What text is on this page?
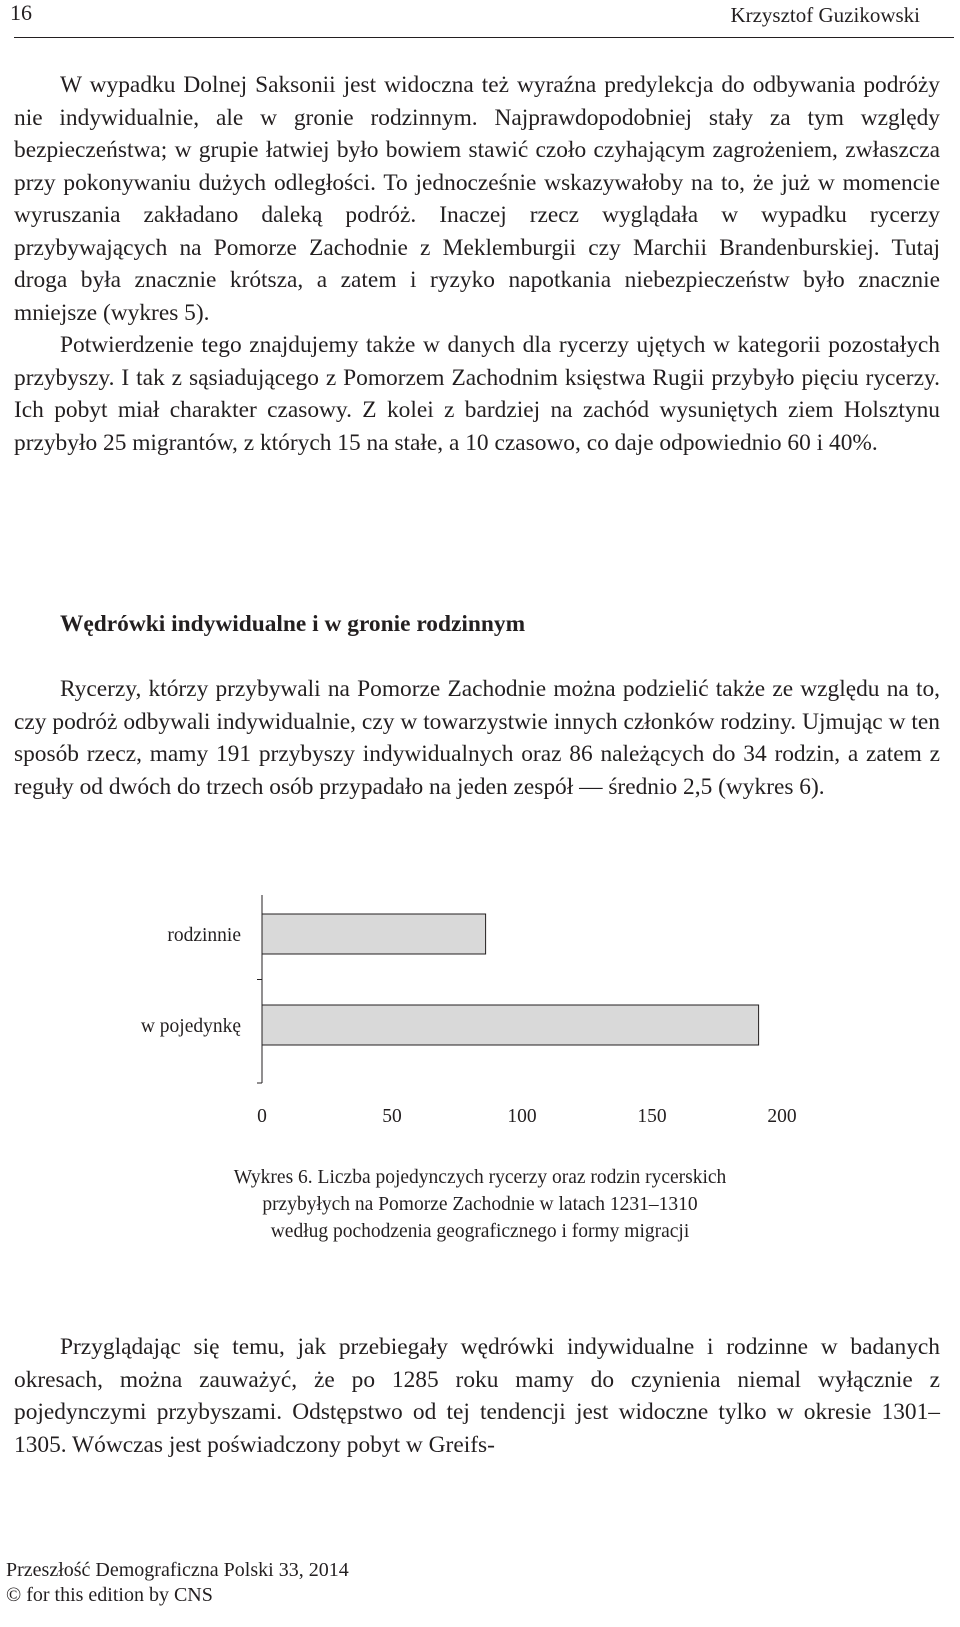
16	Krzysztof Guzikowski

W wypadku Dolnej Saksonii jest widoczna też wyraźna predylekcja do odbywania podróży nie indywidualnie, ale w gronie rodzinnym. Najprawdopodobniej stały za tym względy bezpieczeństwa; w grupie łatwiej było bowiem stawić czoło czyhającym zagrożeniem, zwłaszcza przy pokonywaniu dużych odległości. To jednocześnie wskazywałoby na to, że już w momencie wyruszania zakładano daleką podróż. Inaczej rzecz wyglądała w wypadku rycerzy przybywających na Pomorze Zachodnie z Meklemburgii czy Marchii Brandenburskiej. Tutaj droga była znacznie krótsza, a zatem i ryzyko napotkania niebezpieczeństw było znacznie mniejsze (wykres 5).

Potwierdzenie tego znajdujemy także w danych dla rycerzy ujętych w kategorii pozostałych przybyszy. I tak z sąsiadującego z Pomorzem Zachodnim księstwa Rugii przybyło pięciu rycerzy. Ich pobyt miał charakter czasowy. Z kolei z bardziej na zachód wysuniętych ziem Holsztynu przybyło 25 migrantów, z których 15 na stałe, a 10 czasowo, co daje odpowiednio 60 i 40%.

Wędrówki indywidualne i w gronie rodzinnym

Rycerzy, którzy przybywali na Pomorze Zachodnie można podzielić także ze względu na to, czy podróż odbywali indywidualnie, czy w towarzystwie innych członków rodziny. Ujmując w ten sposób rzecz, mamy 191 przybyszy indywidualnych oraz 86 należących do 34 rodzin, a zatem z reguły od dwóch do trzech osób przypadało na jeden zespół — średnio 2,5 (wykres 6).

rodzinnie
w pojedynkę
0	50	100	150	200
Wykres 6. Liczba pojedynczych rycerzy oraz rodzin rycerskich
przybyłych na Pomorze Zachodnie w latach 1231–1310
według pochodzenia geograficznego i formy migracji

Przyglądając się temu, jak przebiegały wędrówki indywidualne i rodzinne w badanych okresach, można zauważyć, że po 1285 roku mamy do czynienia niemal wyłącznie z pojedynczymi przybyszami. Odstępstwo od tej tendencji jest widoczne tylko w okresie 1301–1305. Wówczas jest poświadczony pobyt w Greifs-

Przeszłość Demograficzna Polski 33, 2014
© for this edition by CNS
